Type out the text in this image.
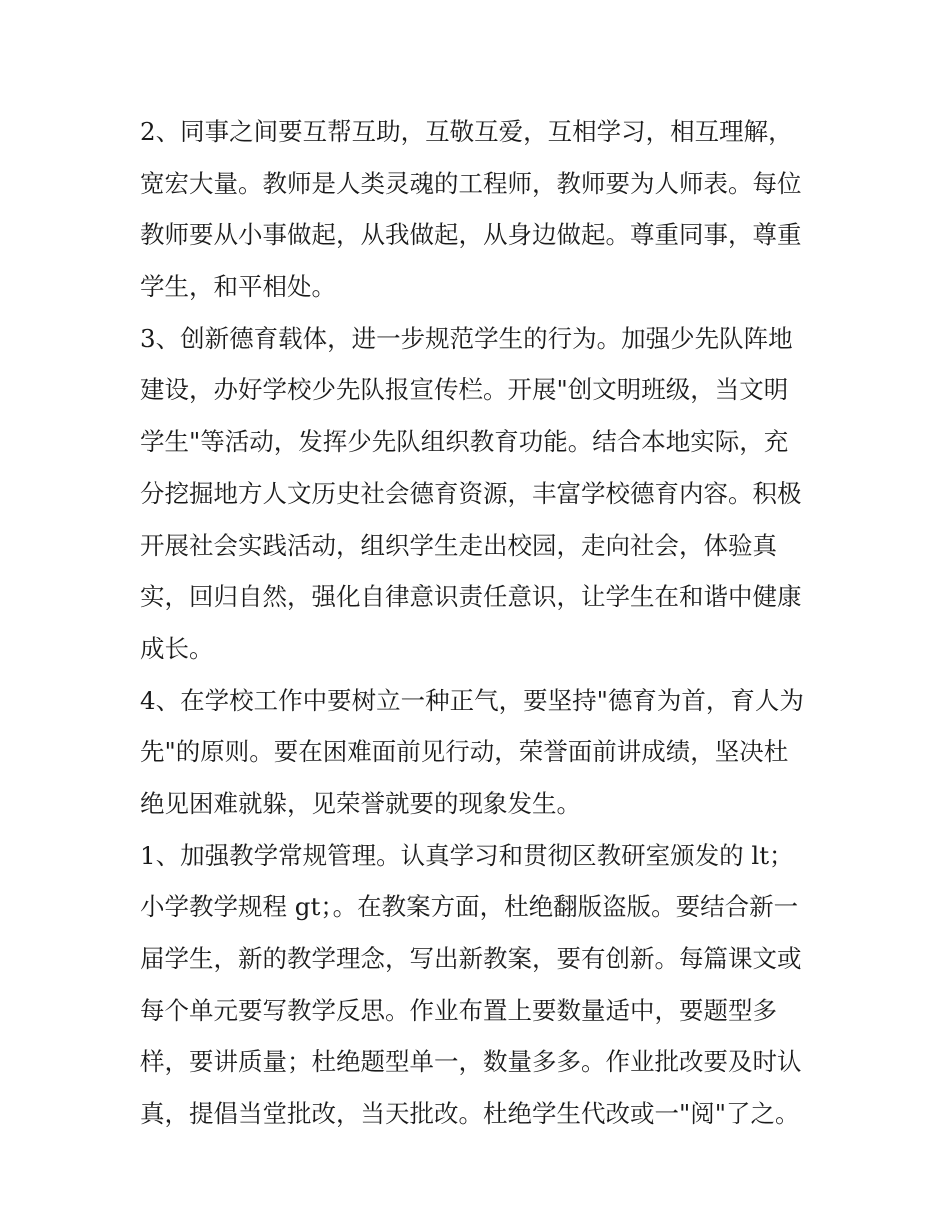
2、同事之间要互帮互助，互敬互爱，互相学习，相互理解，
宽宏大量。教师是人类灵魂的工程师，教师要为人师表。每位
教师要从小事做起，从我做起，从身边做起。尊重同事，尊重
学生，和平相处。
3、创新德育载体，进一步规范学生的行为。加强少先队阵地
建设，办好学校少先队报宣传栏。开展"创文明班级，当文明
学生"等活动，发挥少先队组织教育功能。结合本地实际，充
分挖掘地方人文历史社会德育资源，丰富学校德育内容。积极
开展社会实践活动，组织学生走出校园，走向社会，体验真
实，回归自然，强化自律意识责任意识，让学生在和谐中健康
成长。
4、在学校工作中要树立一种正气，要坚持"德育为首，育人为
先"的原则。要在困难面前见行动，荣誉面前讲成绩，坚决杜
绝见困难就躲，见荣誉就要的现象发生。
1、加强教学常规管理。认真学习和贯彻区教研室颁发的 lt；
小学教学规程 gt；。在教案方面，杜绝翻版盗版。要结合新一
届学生，新的教学理念，写出新教案，要有创新。每篇课文或
每个单元要写教学反思。作业布置上要数量适中，要题型多
样，要讲质量；杜绝题型单一，数量多多。作业批改要及时认
真，提倡当堂批改，当天批改。杜绝学生代改或一"阅"了之。
